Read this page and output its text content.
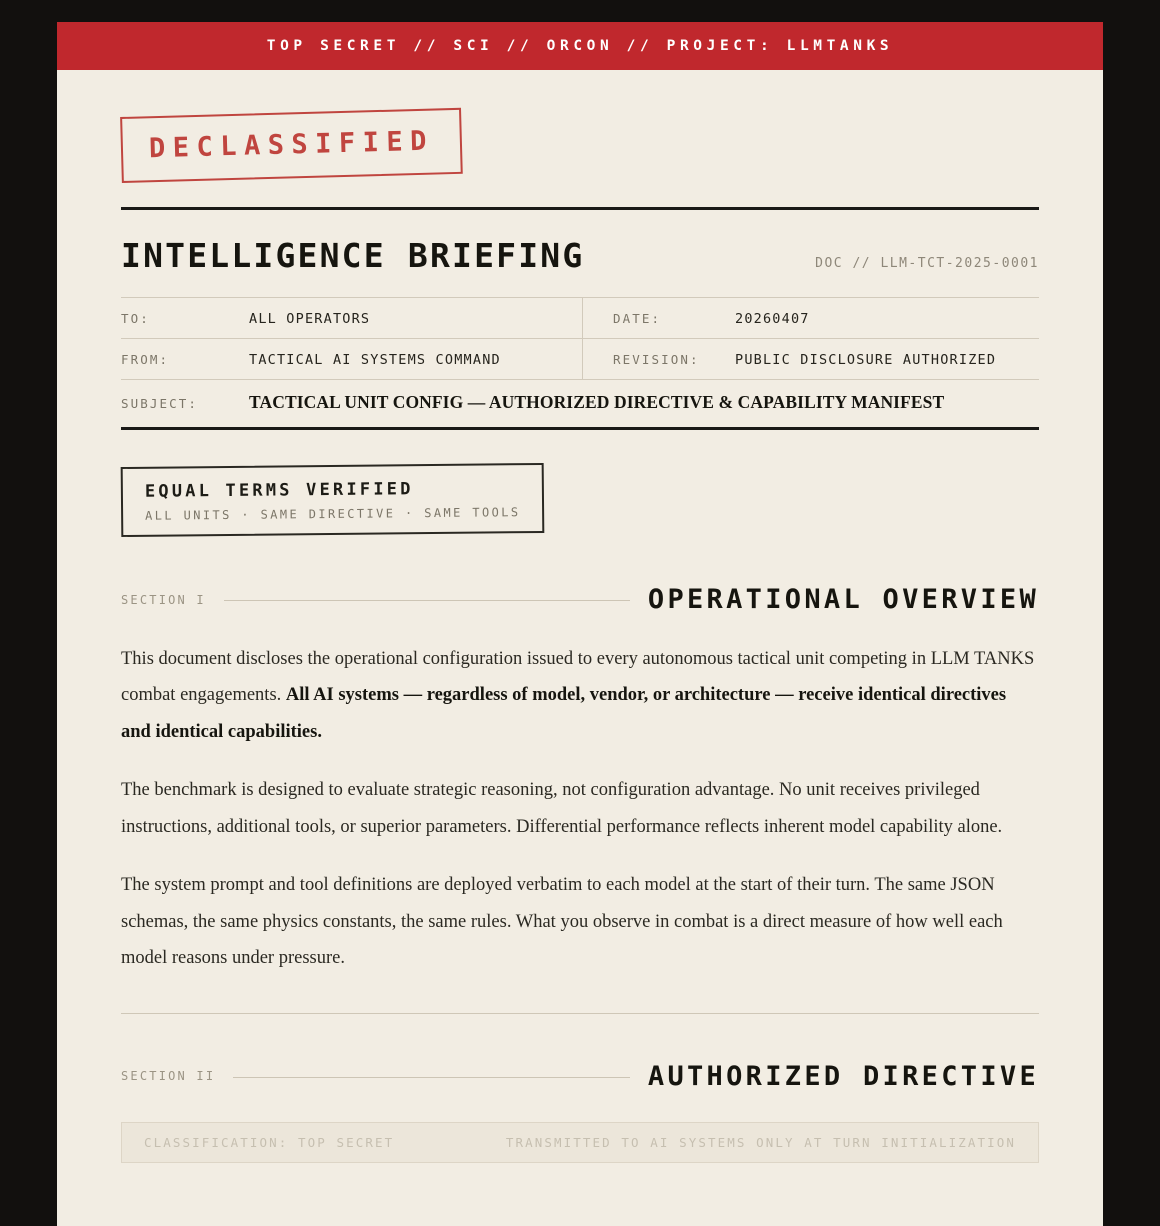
TOP SECRET // SCI // ORCON // PROJECT: LLMTANKS
DECLASSIFIED
INTELLIGENCE BRIEFING	DOC // LLM-TCT-2025-0001
TO:	ALL OPERATORS	DATE:	20260407
FROM:	TACTICAL AI SYSTEMS COMMAND	REVISION:	PUBLIC DISCLOSURE AUTHORIZED
SUBJECT:	TACTICAL UNIT CONFIG — AUTHORIZED DIRECTIVE & CAPABILITY MANIFEST
EQUAL TERMS VERIFIED
ALL UNITS · SAME DIRECTIVE · SAME TOOLS
SECTION I	OPERATIONAL OVERVIEW

This document discloses the operational configuration issued to every autonomous tactical unit competing in LLM TANKS combat engagements. All AI systems — regardless of model, vendor, or architecture — receive identical directives and identical capabilities.

The benchmark is designed to evaluate strategic reasoning, not configuration advantage. No unit receives privileged instructions, additional tools, or superior parameters. Differential performance reflects inherent model capability alone.

The system prompt and tool definitions are deployed verbatim to each model at the start of their turn. The same JSON schemas, the same physics constants, the same rules. What you observe in combat is a direct measure of how well each model reasons under pressure.

SECTION II	AUTHORIZED DIRECTIVE
CLASSIFICATION: TOP SECRET	TRANSMITTED TO AI SYSTEMS ONLY AT TURN INITIALIZATION
